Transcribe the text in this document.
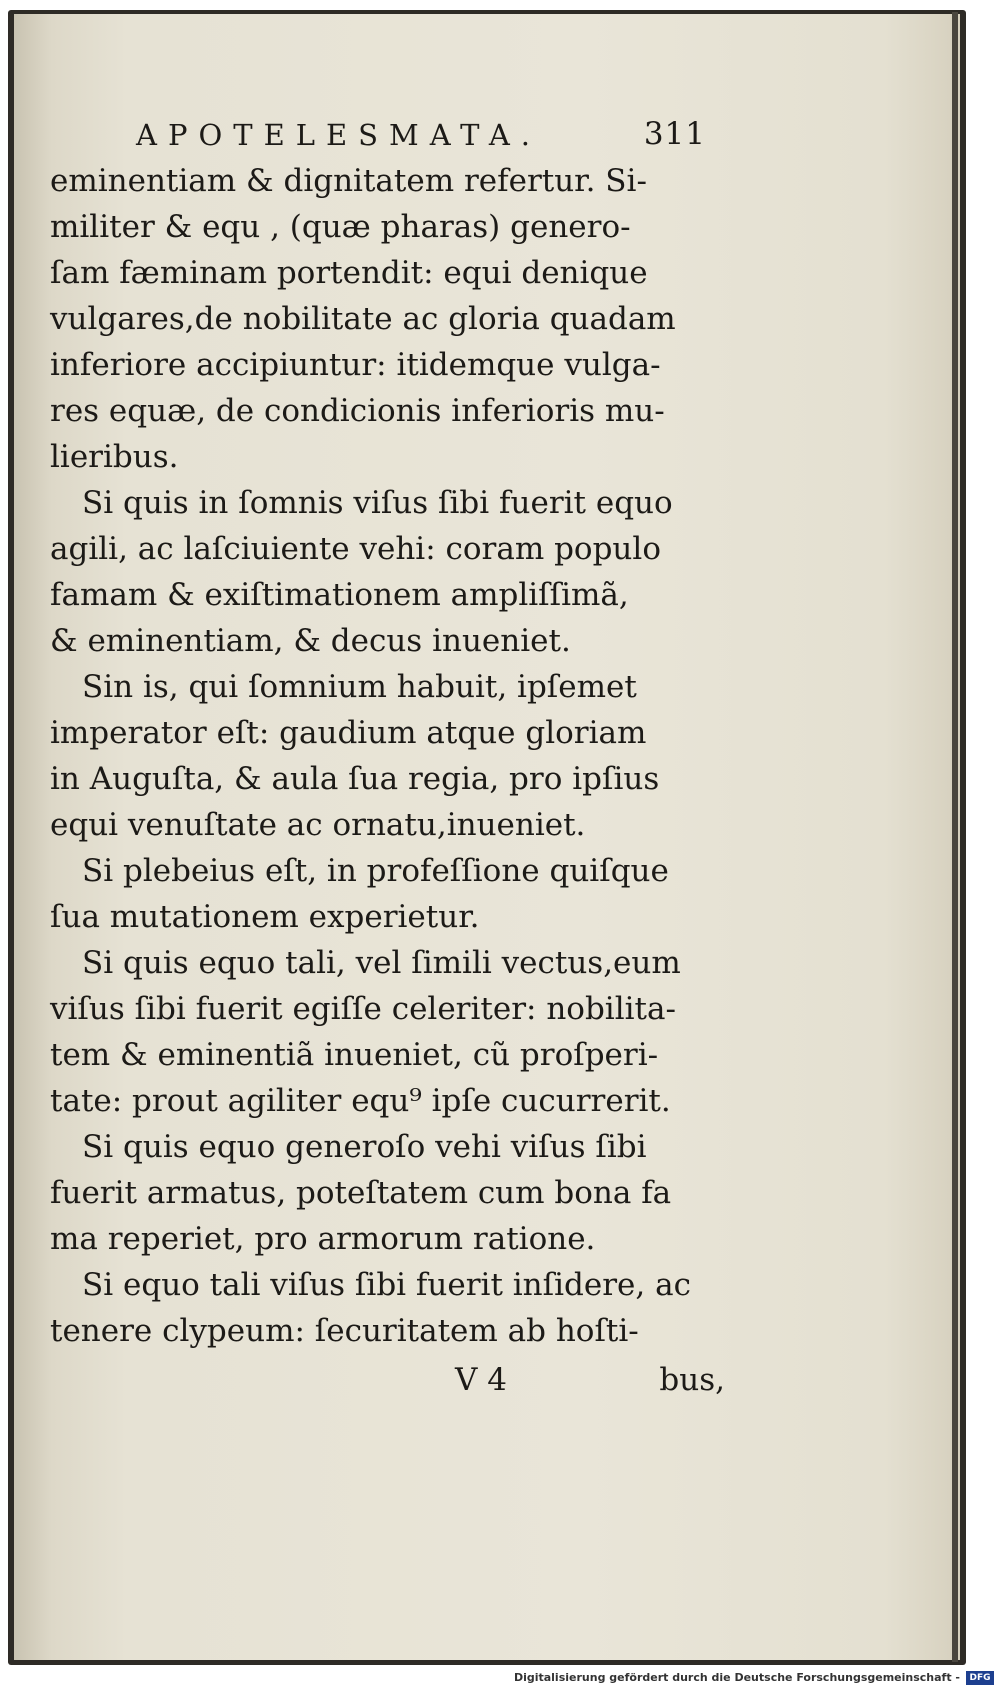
APOTELESMATA.	311
eminentiam & dignitatem refertur. Si-
militer & equ , (quæ pharas) genero-
ſam fæminam portendit: equi denique
vulgares,de nobilitate ac gloria quadam
inferiore accipiuntur: itidemque vulga-
res equæ, de condicionis inferioris mu-
lieribus.
Si quis in ſomnis viſus ſibi fuerit equo
agili, ac laſciuiente vehi: coram populo
famam & exiſtimationem ampliſſimã,
& eminentiam, & decus inueniet.
Sin is, qui ſomnium habuit, ipſemet
imperator eſt: gaudium atque gloriam
in Auguſta, & aula ſua regia, pro ipſius
equi venuſtate ac ornatu,inueniet.
Si plebeius eſt, in profeſſione quiſque
ſua mutationem experietur.
Si quis equo tali, vel ſimili vectus,eum
viſus ſibi fuerit egiſſe celeriter: nobilita-
tem & eminentiã inueniet, cũ proſperi-
tate: prout agiliter equ⁹ ipſe cucurrerit.
Si quis equo generoſo vehi viſus ſibi
fuerit armatus, poteſtatem cum bona fa
ma reperiet, pro armorum ratione.
Si equo tali viſus ſibi fuerit inſidere, ac
tenere clypeum: ſecuritatem ab hoſti-
V 4	bus,
Digitalisierung gefördert durch die Deutsche Forschungsgemeinschaft -	DFG
